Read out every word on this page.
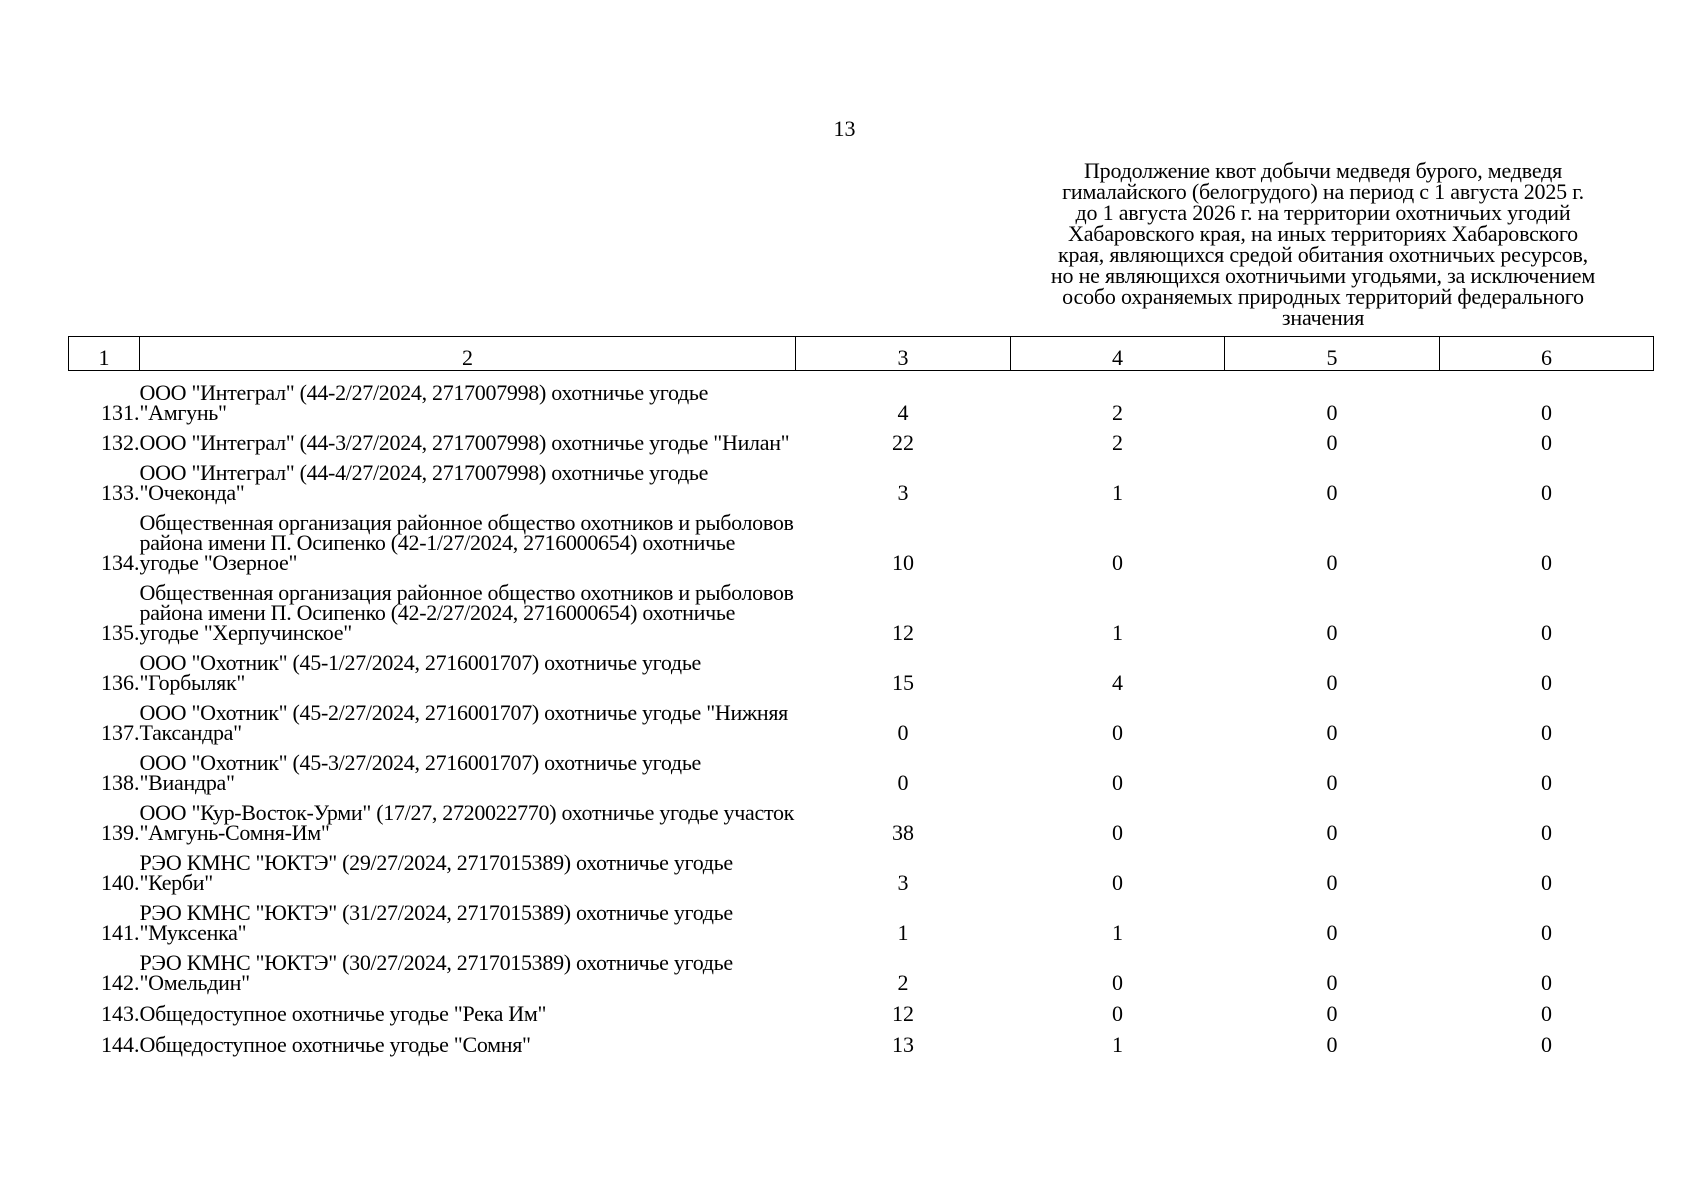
13
Продолжение квот добычи медведя бурого, медведя
гималайского (белогрудого) на период с 1 августа 2025 г.
до 1 августа 2026 г. на территории охотничьих угодий
Хабаровского края, на иных территориях Хабаровского
края, являющихся средой обитания охотничьих ресурсов,
но не являющихся охотничьими угодьями, за исключением
особо охраняемых природных территорий федерального
значения
1	2	3	4	5	6
131.	ООО "Интеграл" (44-2/27/2024, 2717007998) охотничье угодье "Амгунь"	4	2	0	0
132.	ООО "Интеграл" (44-3/27/2024, 2717007998) охотничье угодье "Нилан"	22	2	0	0
133.	ООО "Интеграл" (44-4/27/2024, 2717007998) охотничье угодье "Очеконда"	3	1	0	0
134.	Общественная организация районное общество охотников и рыболовов района имени П. Осипенко (42-1/27/2024, 2716000654) охотничье угодье "Озерное"	10	0	0	0
135.	Общественная организация районное общество охотников и рыболовов района имени П. Осипенко (42-2/27/2024, 2716000654) охотничье угодье "Херпучинское"	12	1	0	0
136.	ООО "Охотник" (45-1/27/2024, 2716001707) охотничье угодье "Горбыляк"	15	4	0	0
137.	ООО "Охотник" (45-2/27/2024, 2716001707) охотничье угодье "Нижняя Таксандра"	0	0	0	0
138.	ООО "Охотник" (45-3/27/2024, 2716001707) охотничье угодье "Виандра"	0	0	0	0
139.	ООО "Кур-Восток-Урми" (17/27, 2720022770) охотничье угодье участок "Амгунь-Сомня-Им"	38	0	0	0
140.	РЭО КМНС "ЮКТЭ" (29/27/2024, 2717015389) охотничье угодье "Керби"	3	0	0	0
141.	РЭО КМНС "ЮКТЭ" (31/27/2024, 2717015389) охотничье угодье "Муксенка"	1	1	0	0
142.	РЭО КМНС "ЮКТЭ" (30/27/2024, 2717015389) охотничье угодье "Омельдин"	2	0	0	0
143.	Общедоступное охотничье угодье "Река Им"	12	0	0	0
144.	Общедоступное охотничье угодье "Сомня"	13	1	0	0
